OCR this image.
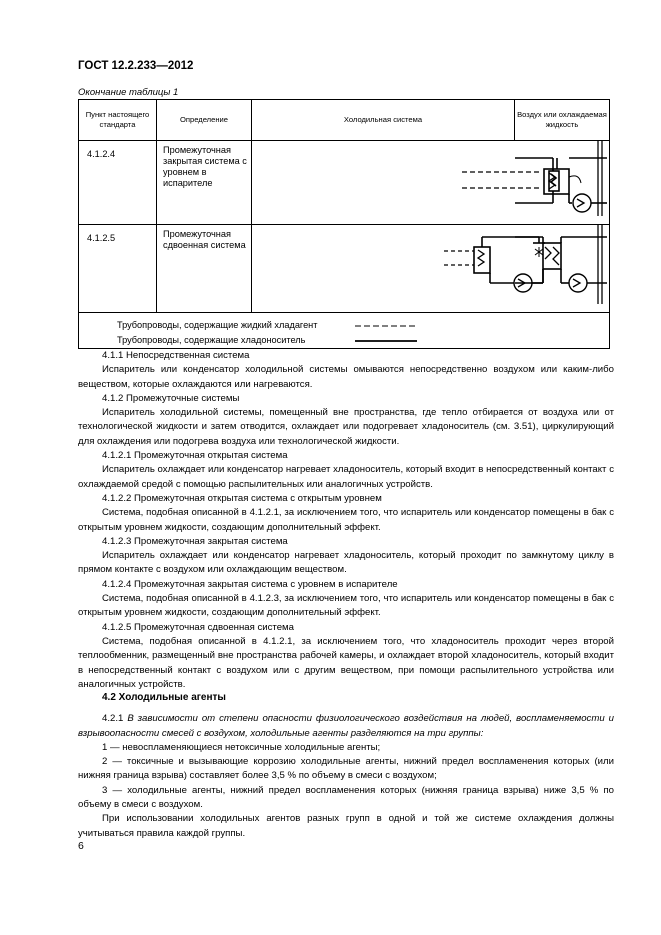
ГОСТ 12.2.233—2012
Окончание таблицы 1
Пункт настоящего стандарта	Определение	Холодильная система	Воздух или охлаждаемая жидкость
4.1.2.4	Промежуточная закрытая система с уровнем в испарителе	

4.1.2.5	Промежуточная сдвоенная система	

Трубопроводы, содержащие жидкий хладагент
Трубопроводы, содержащие хладоноситель			

4.1.1 Непосредственная система

Испаритель или конденсатор холодильной системы омываются непосредственно воздухом или каким-либо веществом, которые охлаждаются или нагреваются.

4.1.2 Промежуточные системы

Испаритель холодильной системы, помещенный вне пространства, где тепло отбирается от воздуха или от технологической жидкости и затем отводится, охлаждает или подогревает хладоноситель (см. 3.51), циркулирующий для охлаждения или подогрева воздуха или технологической жидкости.

4.1.2.1 Промежуточная открытая система

Испаритель охлаждает или конденсатор нагревает хладоноситель, который входит в непосредственный контакт с охлаждаемой средой с помощью распылительных или аналогичных устройств.

4.1.2.2 Промежуточная открытая система с открытым уровнем

Система, подобная описанной в 4.1.2.1, за исключением того, что испаритель или конденсатор помещены в бак с открытым уровнем жидкости, создающим дополнительный эффект.

4.1.2.3 Промежуточная закрытая система

Испаритель охлаждает или конденсатор нагревает хладоноситель, который проходит по замкнутому циклу в прямом контакте с воздухом или охлаждающим веществом.

4.1.2.4 Промежуточная закрытая система с уровнем в испарителе

Система, подобная описанной в 4.1.2.3, за исключением того, что испаритель или конденсатор помещены в бак с открытым уровнем жидкости, создающим дополнительный эффект.

4.1.2.5 Промежуточная сдвоенная система

Система, подобная описанной в 4.1.2.1, за исключением того, что хладоноситель проходит через второй теплообменник, размещенный вне пространства рабочей камеры, и охлаждает второй хладоноситель, который входит в непосредственный контакт с воздухом или с другим веществом, при помощи распылительного устройства или аналогичных устройств.

4.2 Холодильные агенты

4.2.1 В зависимости от степени опасности физиологического воздействия на людей, воспламеняемости и взрывоопасности смесей с воздухом, холодильные агенты разделяются на три группы:

1 — невоспламеняющиеся нетоксичные холодильные агенты;

2 — токсичные и вызывающие коррозию холодильные агенты, нижний предел воспламенения которых (или нижняя граница взрыва) составляет более 3,5 % по объему в смеси с воздухом;

3 — холодильные агенты, нижний предел воспламенения которых (нижняя граница взрыва) ниже 3,5 % по объему в смеси с воздухом.

При использовании холодильных агентов разных групп в одной и той же системе охлаждения должны учитываться правила каждой группы.

6
